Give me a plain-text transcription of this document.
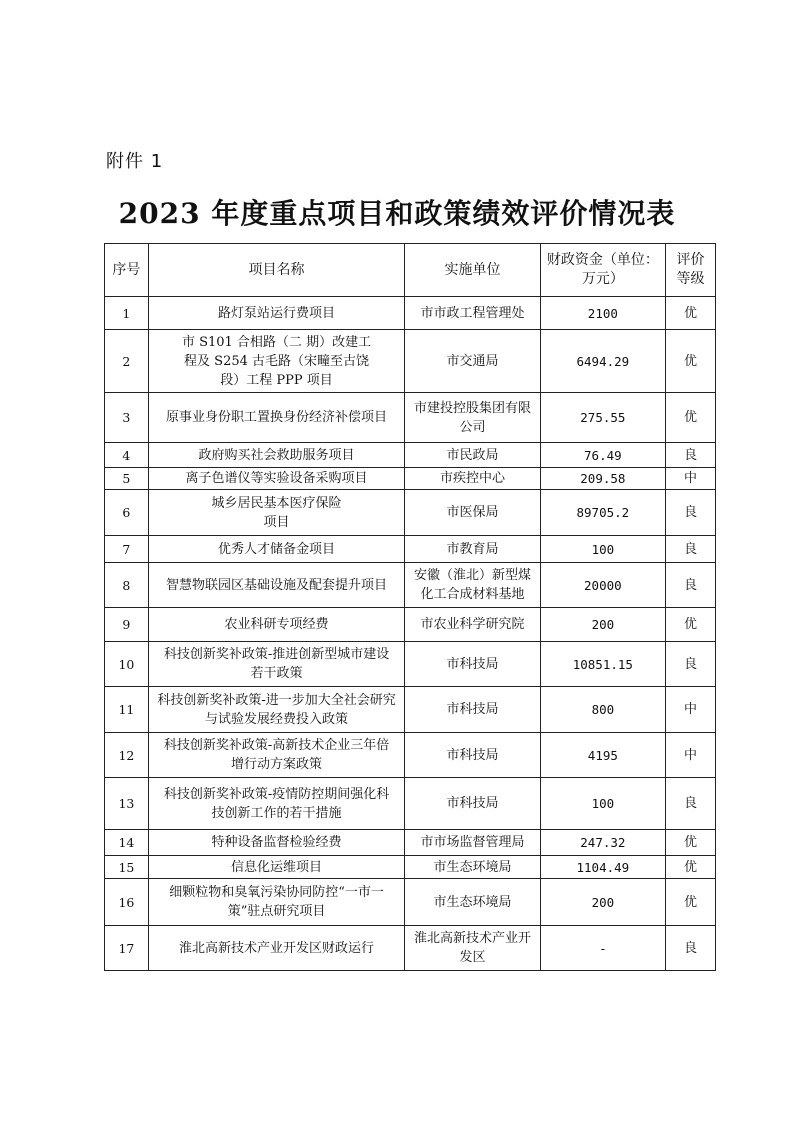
附件 1
2023 年度重点项目和政策绩效评价情况表
序号	项目名称	实施单位	财政资金（单位：万元）	评价等级
1	路灯泵站运行费项目	市市政工程管理处	2100	优
2	市 S101 合相路（二 期）改建工程及 S254 古毛路（宋疃至古饶段）工程 PPP 项目	市交通局	6494.29	优
3	原事业身份职工置换身份经济补偿项目	市建投控股集团有限公司	275.55	优
4	政府购买社会救助服务项目	市民政局	76.49	良
5	离子色谱仪等实验设备采购项目	市疾控中心	209.58	中
6	城乡居民基本医疗保险项目	市医保局	89705.2	良
7	优秀人才储备金项目	市教育局	100	良
8	智慧物联园区基础设施及配套提升项目	安徽（淮北）新型煤化工合成材料基地	20000	良
9	农业科研专项经费	市农业科学研究院	200	优
10	科技创新奖补政策-推进创新型城市建设若干政策	市科技局	10851.15	良
11	科技创新奖补政策-进一步加大全社会研究与试验发展经费投入政策	市科技局	800	中
12	科技创新奖补政策-高新技术企业三年倍增行动方案政策	市科技局	4195	中
13	科技创新奖补政策-疫情防控期间强化科技创新工作的若干措施	市科技局	100	良
14	特种设备监督检验经费	市市场监督管理局	247.32	优
15	信息化运维项目	市生态环境局	1104.49	优
16	细颗粒物和臭氧污染协同防控“一市一策”驻点研究项目	市生态环境局	200	优
17	淮北高新技术产业开发区财政运行	淮北高新技术产业开发区	-	良
